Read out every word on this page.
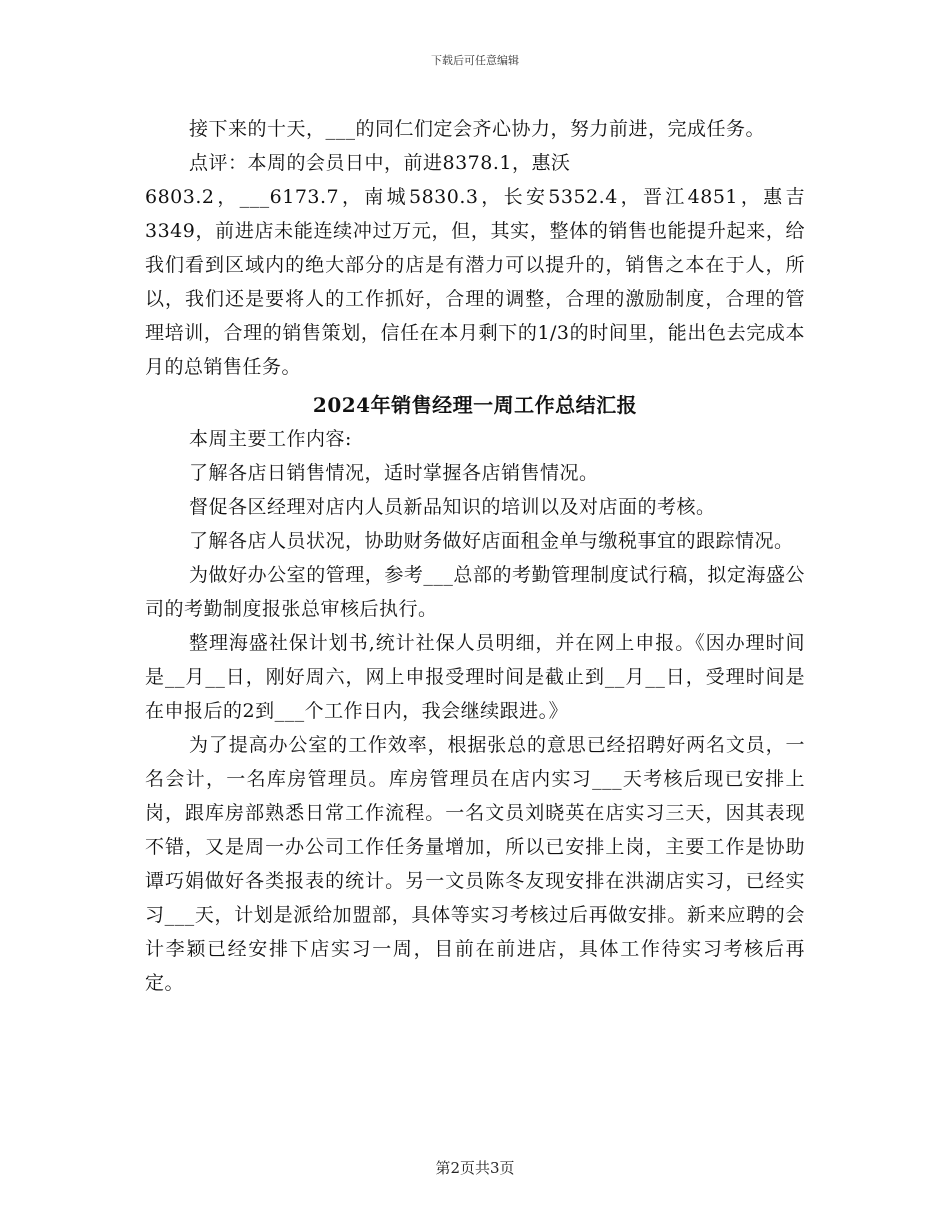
下载后可任意编辑

接下来的十天，___的同仁们定会齐心协力，努力前进，完成任务。

点评：本周的会员日中，前进8378.1，惠沃

6803.2，___6173.7，南城5830.3，长安5352.4，晋江4851，惠吉3349，前进店未能连续冲过万元，但，其实，整体的销售也能提升起来，给我们看到区域内的绝大部分的店是有潜力可以提升的，销售之本在于人，所以，我们还是要将人的工作抓好，合理的调整，合理的激励制度，合理的管理培训，合理的销售策划，信任在本月剩下的1/3的时间里，能出色去完成本月的总销售任务。

2024年销售经理一周工作总结汇报

本周主要工作内容:

了解各店日销售情况，适时掌握各店销售情况。

督促各区经理对店内人员新品知识的培训以及对店面的考核。

了解各店人员状况，协助财务做好店面租金单与缴税事宜的跟踪情况。

为做好办公室的管理，参考___总部的考勤管理制度试行稿，拟定海盛公司的考勤制度报张总审核后执行。

整理海盛社保计划书,统计社保人员明细，并在网上申报。《因办理时间是__月__日，刚好周六，网上申报受理时间是截止到__月__日，受理时间是在申报后的2到___个工作日内，我会继续跟进。》

为了提高办公室的工作效率，根据张总的意思已经招聘好两名文员，一名会计，一名库房管理员。库房管理员在店内实习___天考核后现已安排上岗，跟库房部熟悉日常工作流程。一名文员刘晓英在店实习三天，因其表现不错，又是周一办公司工作任务量增加，所以已安排上岗，主要工作是协助谭巧娟做好各类报表的统计。另一文员陈冬友现安排在洪湖店实习，已经实习___天，计划是派给加盟部，具体等实习考核过后再做安排。新来应聘的会计李颖已经安排下店实习一周，目前在前进店，具体工作待实习考核后再定。

第2页共3页
